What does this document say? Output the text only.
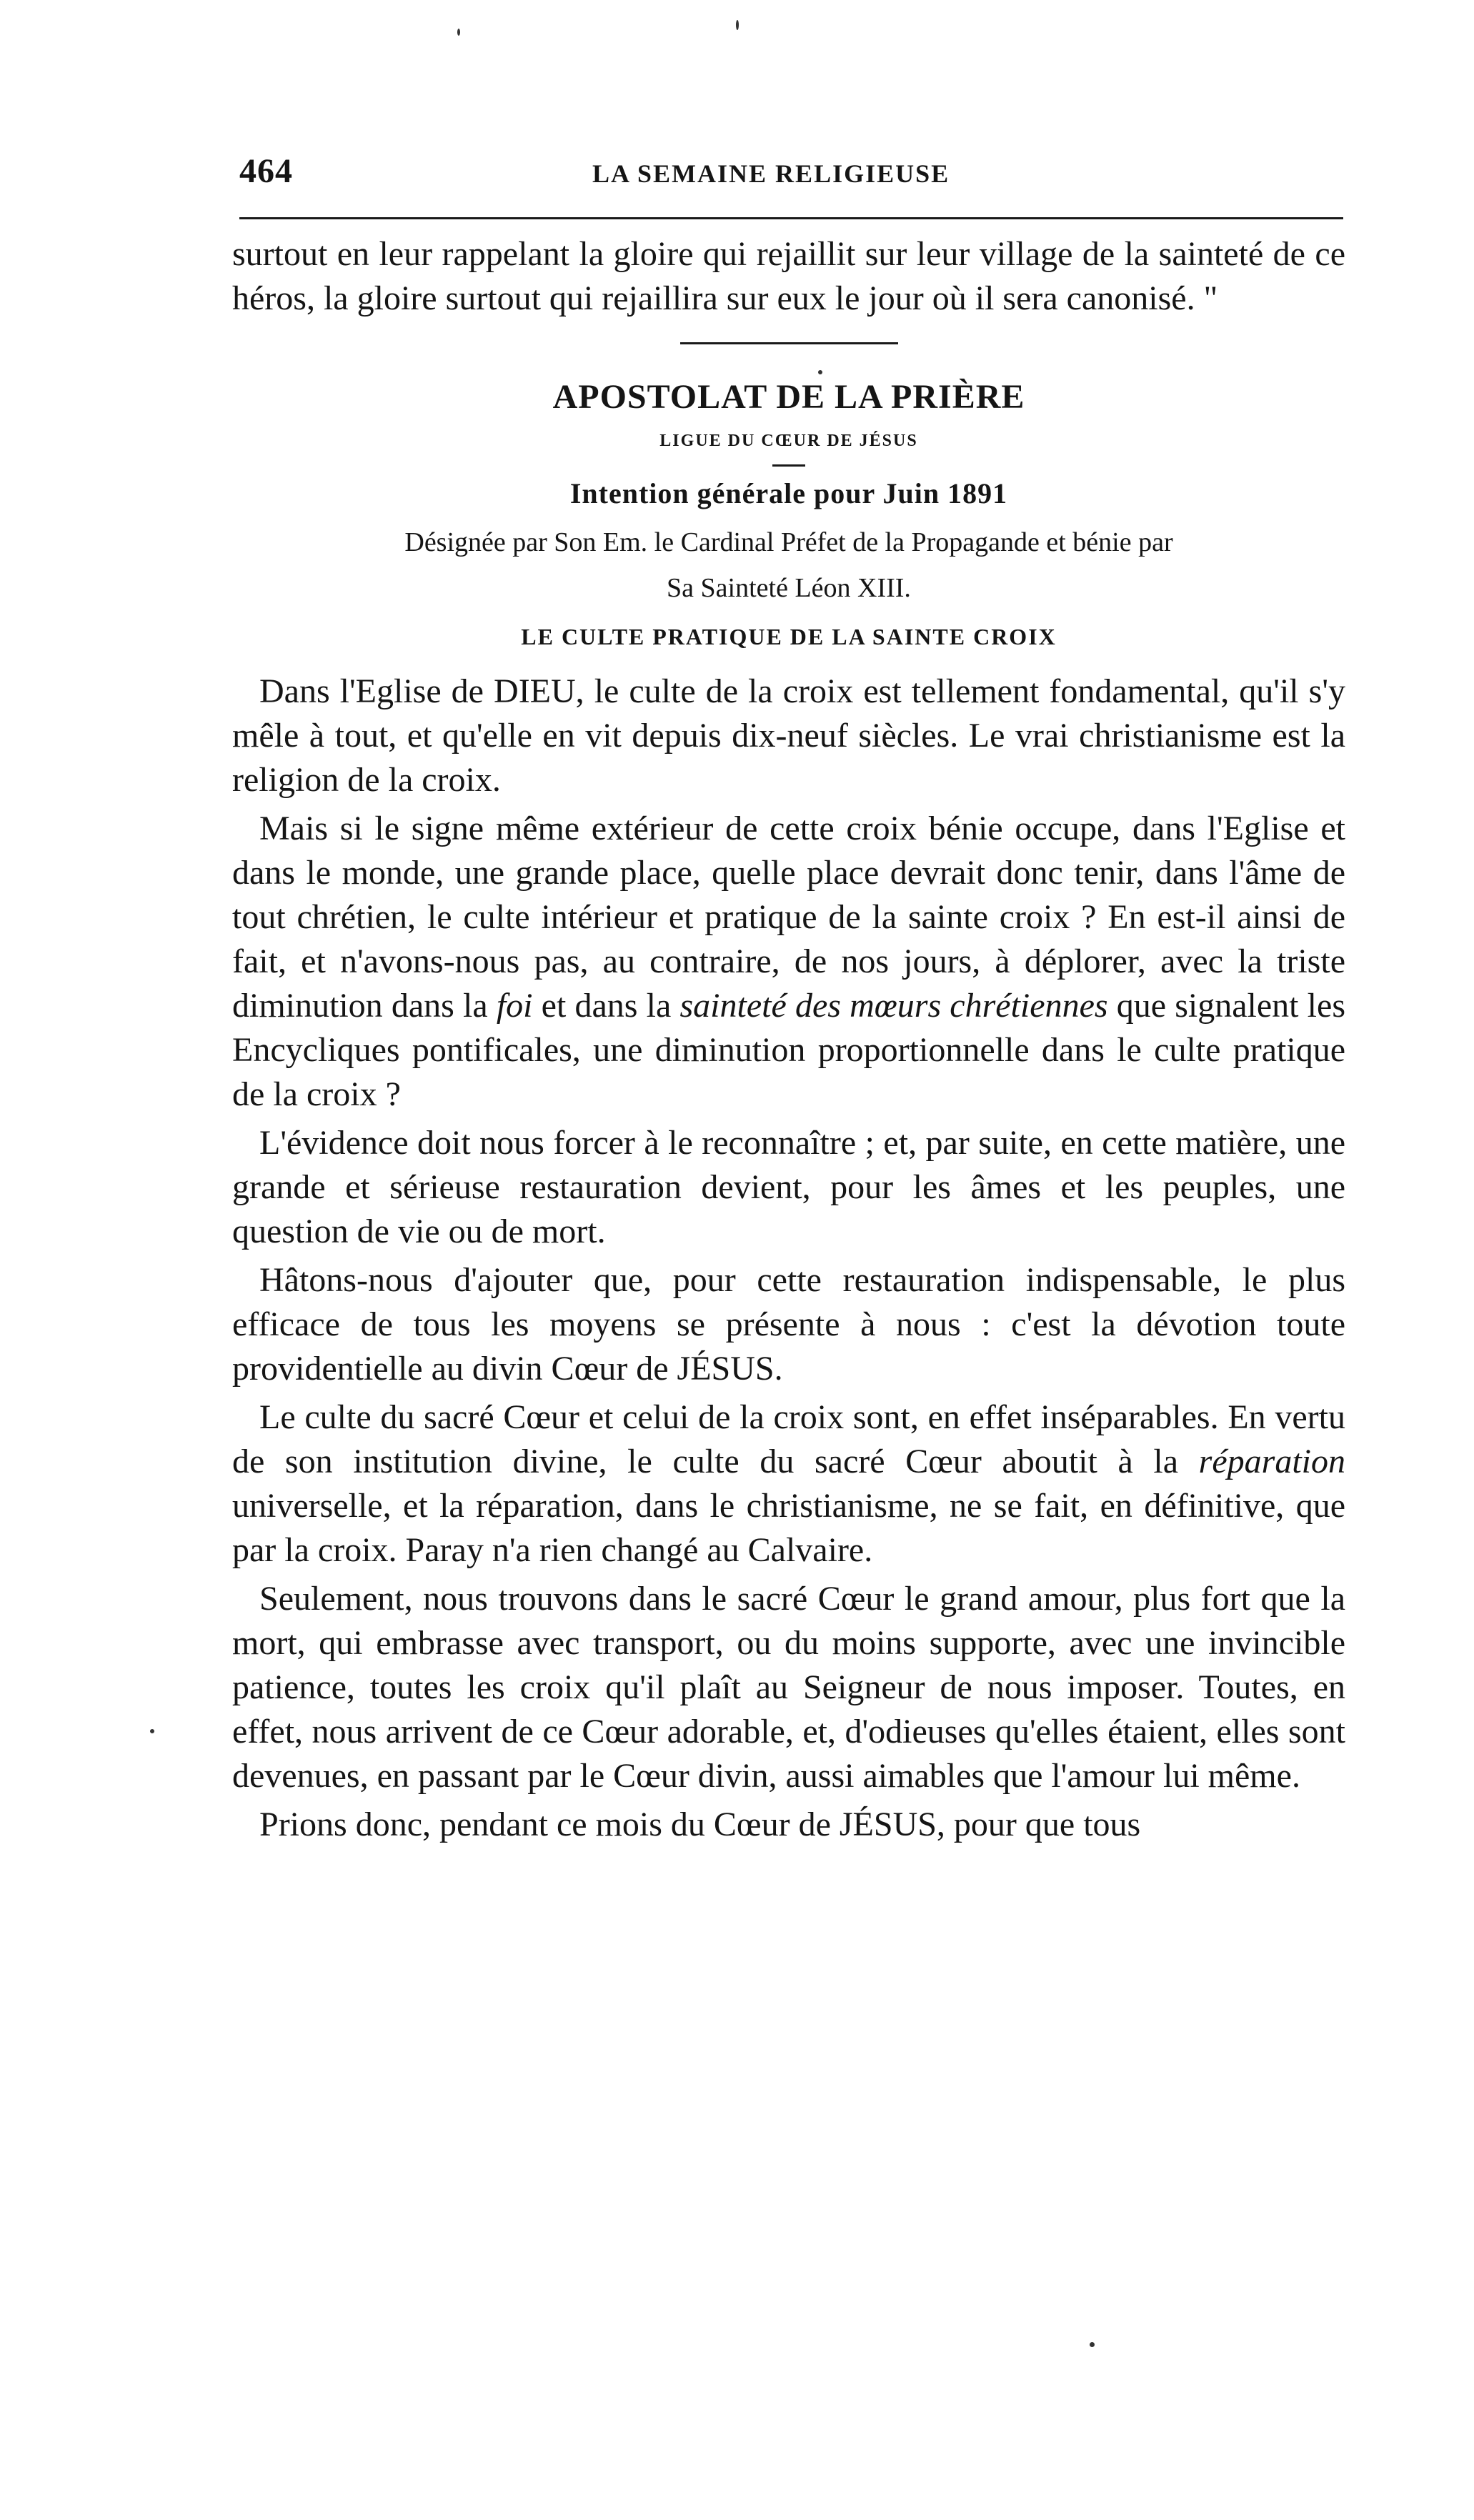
464	LA SEMAINE RELIGIEUSE

surtout en leur rappelant la gloire qui rejaillit sur leur village de la sainteté de ce héros, la gloire surtout qui rejaillira sur eux le jour où il sera canonisé. "

APOSTOLAT DE LA PRIÈRE
LIGUE DU CŒUR DE JÉSUS
Intention générale pour Juin 1891
Désignée par Son Em. le Cardinal Préfet de la Propagande et bénie par
Sa Sainteté Léon XIII.
LE CULTE PRATIQUE DE LA SAINTE CROIX

Dans l'Eglise de DIEU, le culte de la croix est tellement fondamental, qu'il s'y mêle à tout, et qu'elle en vit depuis dix-neuf siècles. Le vrai christianisme est la religion de la croix.

Mais si le signe même extérieur de cette croix bénie occupe, dans l'Eglise et dans le monde, une grande place, quelle place devrait donc tenir, dans l'âme de tout chrétien, le culte intérieur et pratique de la sainte croix ? En est-il ainsi de fait, et n'avons-nous pas, au contraire, de nos jours, à déplorer, avec la triste diminution dans la foi et dans la sainteté des mœurs chrétiennes que signalent les Encycliques pontificales, une diminution proportionnelle dans le culte pratique de la croix ?

L'évidence doit nous forcer à le reconnaître ; et, par suite, en cette matière, une grande et sérieuse restauration devient, pour les âmes et les peuples, une question de vie ou de mort.

Hâtons-nous d'ajouter que, pour cette restauration indispensable, le plus efficace de tous les moyens se présente à nous : c'est la dévotion toute providentielle au divin Cœur de JÉSUS.

Le culte du sacré Cœur et celui de la croix sont, en effet inséparables. En vertu de son institution divine, le culte du sacré Cœur aboutit à la réparation universelle, et la réparation, dans le christianisme, ne se fait, en définitive, que par la croix. Paray n'a rien changé au Calvaire.

Seulement, nous trouvons dans le sacré Cœur le grand amour, plus fort que la mort, qui embrasse avec transport, ou du moins supporte, avec une invincible patience, toutes les croix qu'il plaît au Seigneur de nous imposer. Toutes, en effet, nous arrivent de ce Cœur adorable, et, d'odieuses qu'elles étaient, elles sont devenues, en passant par le Cœur divin, aussi aimables que l'amour lui même.

Prions donc, pendant ce mois du Cœur de JÉSUS, pour que tous
